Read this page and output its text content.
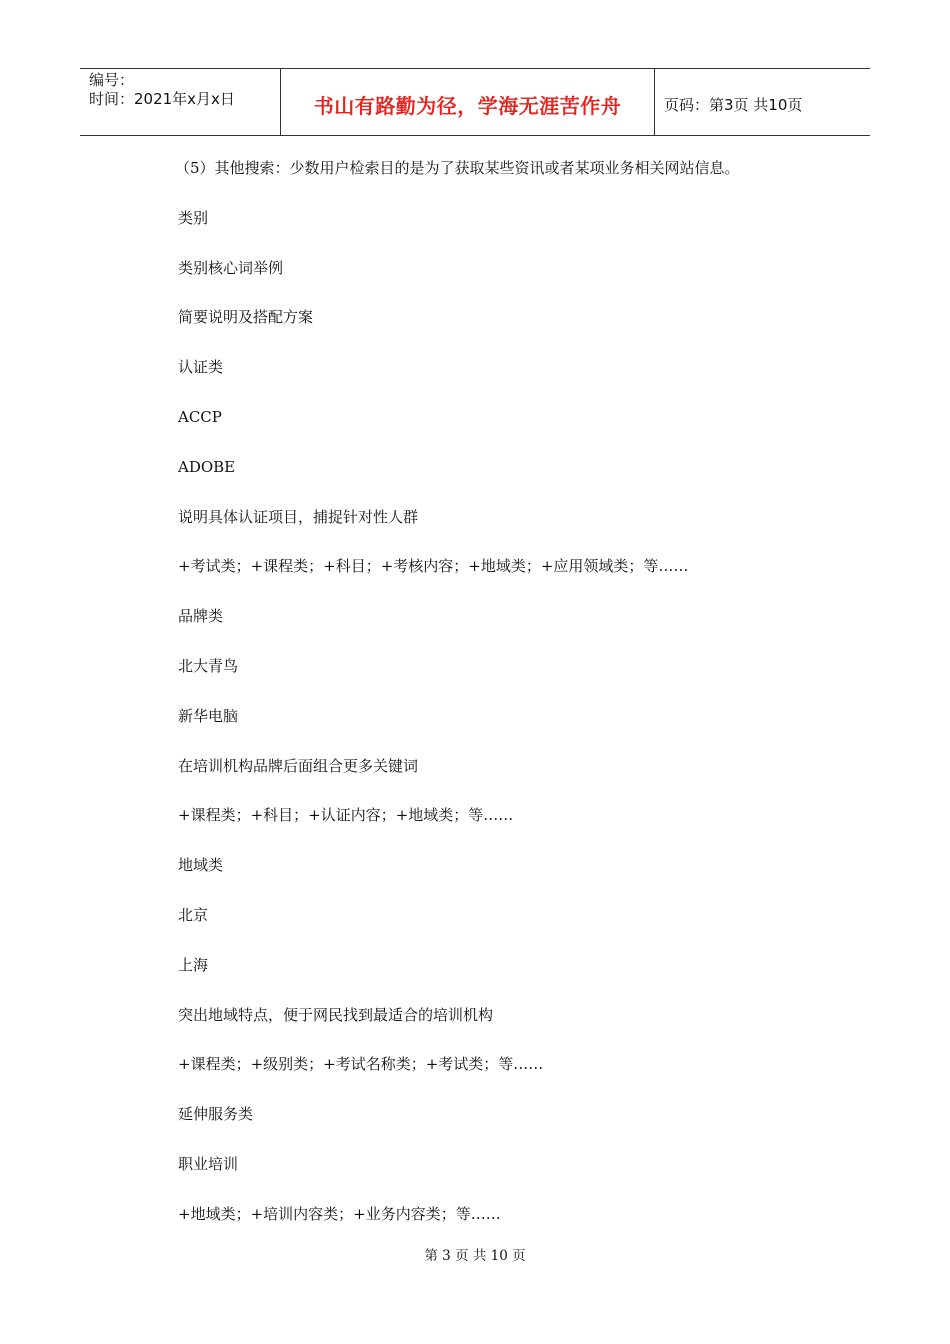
编号：
时间：2021年x月x日	书山有路勤为径，学海无涯苦作舟	页码：第3页 共10页
（5）其他搜索：少数用户检索目的是为了获取某些资讯或者某项业务相关网站信息。
类别
类别核心词举例
简要说明及搭配方案
认证类
ACCP
ADOBE
说明具体认证项目，捕捉针对性人群
+考试类；+课程类；+科目；+考核内容；+地域类；+应用领域类；等……
品牌类
北大青鸟
新华电脑
在培训机构品牌后面组合更多关键词
+课程类；+科目；+认证内容；+地域类；等……
地域类
北京
上海
突出地域特点，便于网民找到最适合的培训机构
+课程类；+级别类；+考试名称类；+考试类；等……
延伸服务类
职业培训
+地域类；+培训内容类；+业务内容类；等……
第 3 页 共 10 页
